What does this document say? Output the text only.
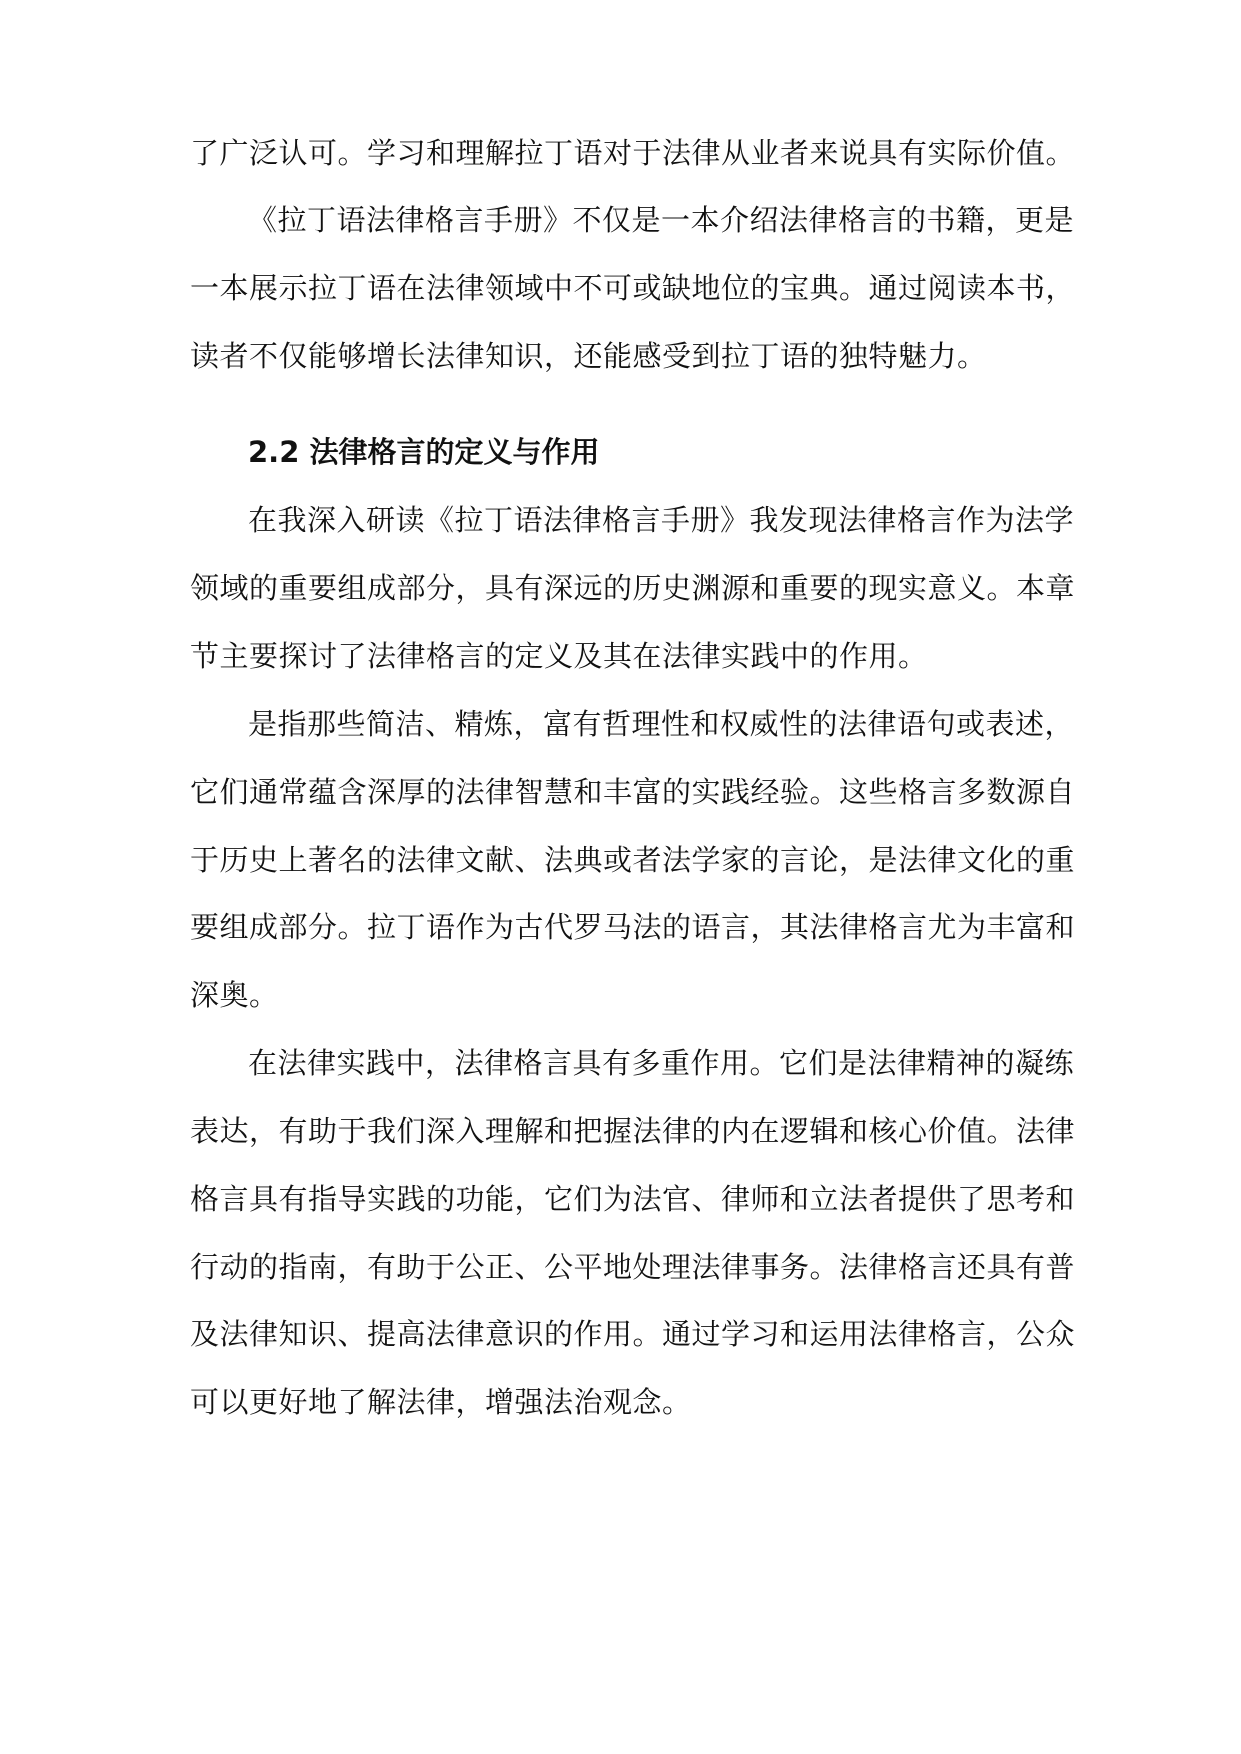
了广泛认可。学习和理解拉丁语对于法律从业者来说具有实际价值。
《拉丁语法律格言手册》不仅是一本介绍法律格言的书籍，更是
一本展示拉丁语在法律领域中不可或缺地位的宝典。通过阅读本书，
读者不仅能够增长法律知识，还能感受到拉丁语的独特魅力。
2.2 法律格言的定义与作用
在我深入研读《拉丁语法律格言手册》我发现法律格言作为法学
领域的重要组成部分，具有深远的历史渊源和重要的现实意义。本章
节主要探讨了法律格言的定义及其在法律实践中的作用。
是指那些简洁、精炼，富有哲理性和权威性的法律语句或表述，
它们通常蕴含深厚的法律智慧和丰富的实践经验。这些格言多数源自
于历史上著名的法律文献、法典或者法学家的言论，是法律文化的重
要组成部分。拉丁语作为古代罗马法的语言，其法律格言尤为丰富和
深奥。
在法律实践中，法律格言具有多重作用。它们是法律精神的凝练
表达，有助于我们深入理解和把握法律的内在逻辑和核心价值。法律
格言具有指导实践的功能，它们为法官、律师和立法者提供了思考和
行动的指南，有助于公正、公平地处理法律事务。法律格言还具有普
及法律知识、提高法律意识的作用。通过学习和运用法律格言，公众
可以更好地了解法律，增强法治观念。
